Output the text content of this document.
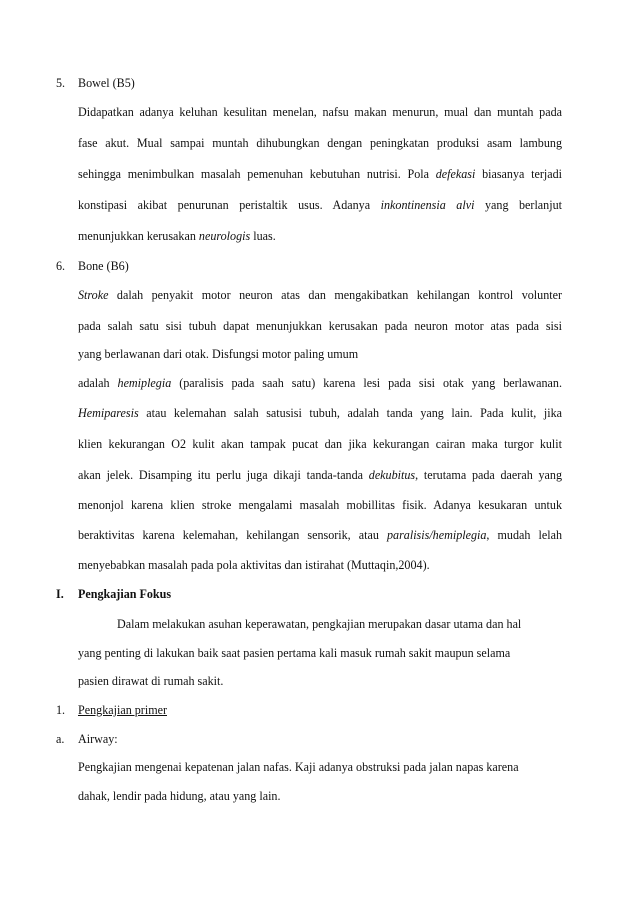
5. Bowel (B5)

Didapatkan adanya keluhan kesulitan menelan, nafsu makan menurun, mual dan muntah pada

fase akut. Mual sampai muntah dihubungkan dengan peningkatan produksi asam lambung

sehingga menimbulkan masalah pemenuhan kebutuhan nutrisi. Pola defekasi biasanya terjadi

konstipasi akibat penurunan peristaltik usus. Adanya inkontinensia alvi yang berlanjut

menunjukkan kerusakan neurologis luas.

6. Bone (B6)

Stroke dalah penyakit motor neuron atas dan mengakibatkan kehilangan kontrol volunter

pada salah satu sisi tubuh dapat menunjukkan kerusakan pada neuron motor atas pada sisi

yang berlawanan dari otak. Disfungsi motor paling umum

adalah hemiplegia (paralisis pada saah satu) karena lesi pada sisi otak yang berlawanan.

Hemiparesis atau kelemahan salah satusisi tubuh, adalah tanda yang lain. Pada kulit, jika

klien kekurangan O2 kulit akan tampak pucat dan jika kekurangan cairan maka turgor kulit

akan jelek. Disamping itu perlu juga dikaji tanda-tanda dekubitus, terutama pada daerah yang

menonjol karena klien stroke mengalami masalah mobillitas fisik. Adanya kesukaran untuk

beraktivitas karena kelemahan, kehilangan sensorik, atau paralisis/hemiplegia, mudah lelah

menyebabkan masalah pada pola aktivitas dan istirahat (Muttaqin,2004).

I. Pengkajian Fokus

Dalam melakukan asuhan keperawatan, pengkajian merupakan dasar utama dan hal

yang penting di lakukan baik saat pasien pertama kali masuk rumah sakit maupun selama

pasien dirawat di rumah sakit.

1. Pengkajian primer

a. Airway:

Pengkajian mengenai kepatenan jalan nafas. Kaji adanya obstruksi pada jalan napas karena

dahak, lendir pada hidung, atau yang lain.
